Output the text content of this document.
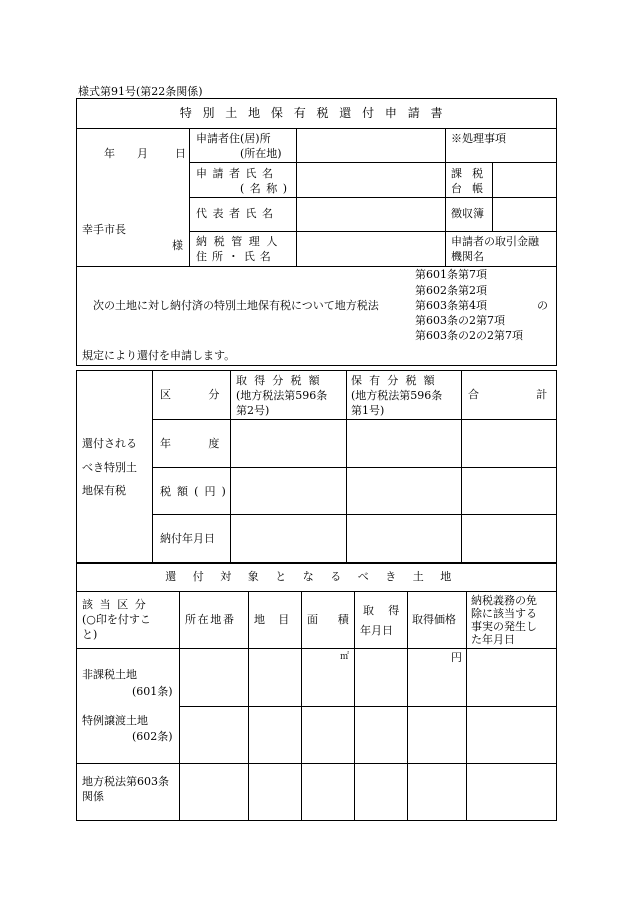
様式第91号(第22条関係)
特別土地保有税還付申請書
年 月 日
幸手市長
様
申請者住(居)所
(所在地)
申請者氏名
(名称)
代表者氏名
納税管理人
住所・氏名
※処理事項
課 税
台 帳
徴収簿
申請者の取引金融
機関名
次の土地に対し納付済の特別土地保有税について地方税法
第601条第7項
第602条第2項
第603条第4項
第603条の2第7項
第603条の2の2第7項
の
規定により還付を申請します。
還付される
べき特別土
地保有税
区分
取得分税額
(地方税法第596条
第2号)
保有分税額
(地方税法第596条
第1号)
合計
年度
税額(円)
納付年月日
還付対象となるべき土地
該当区分
(○印を付すこ
と)
所在地番 地目 面積
取得
年月日
取得価格
納税義務の免
除に該当する
事実の発生し
た年月日
㎡	円
非課税土地
(601条)
特例譲渡土地
(602条)
地方税法第603条
関係
